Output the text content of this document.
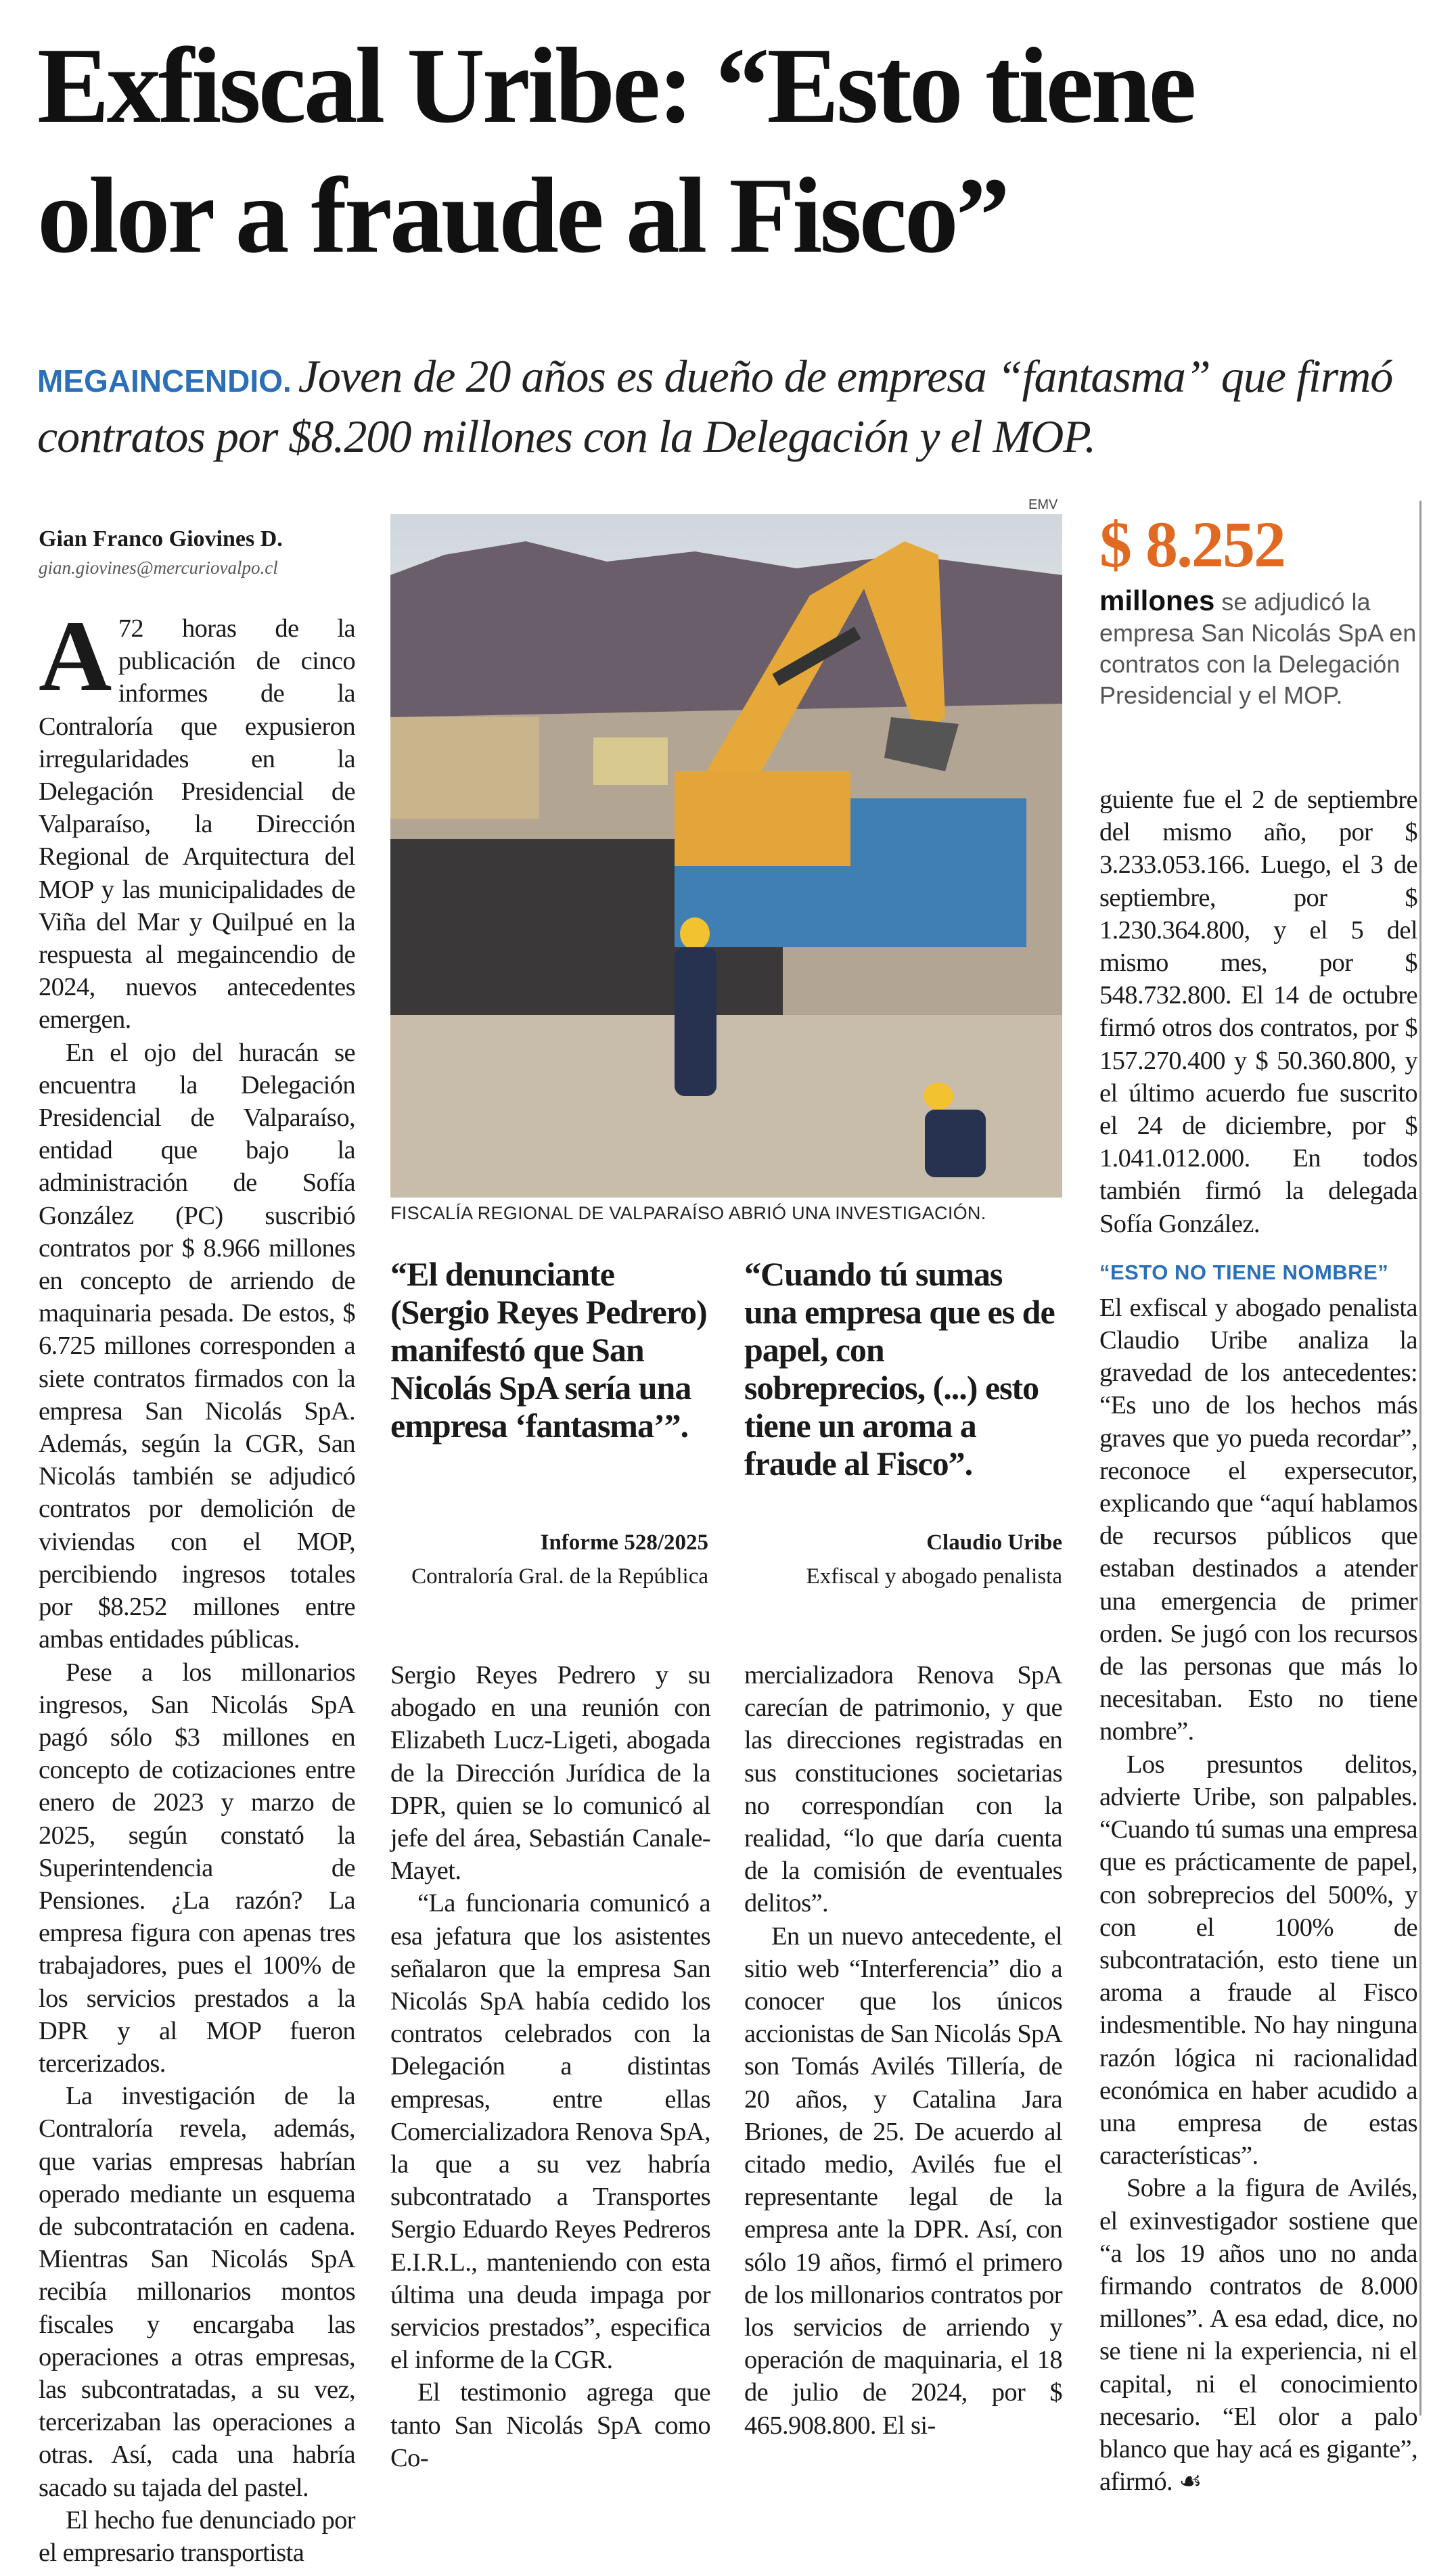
Exfiscal Uribe: “Esto tiene
olor a fraude al Fisco”
MEGAINCENDIO. Joven de 20 años es dueño de empresa “fantasma” que firmó contratos por $8.200 millones con la Delegación y el MOP.
Gian Franco Giovines D.
gian.giovines@mercuriovalpo.cl

A 72 horas de la publicación de cinco informes de la Contraloría que expusieron irregularidades en la Delegación Presidencial de Valparaíso, la Dirección Regional de Arquitectura del MOP y las municipalidades de Viña del Mar y Quilpué en la respuesta al megaincendio de 2024, nuevos antecedentes emergen.

En el ojo del huracán se encuentra la Delegación Presidencial de Valparaíso, entidad que bajo la administración de Sofía González (PC) suscribió contratos por $ 8.966 millones en concepto de arriendo de maquinaria pesada. De estos, $ 6.725 millones corresponden a siete contratos firmados con la empresa San Nicolás SpA. Además, según la CGR, San Nicolás también se adjudicó contratos por demolición de viviendas con el MOP, percibiendo ingresos totales por $8.252 millones entre ambas entidades públicas.

Pese a los millonarios ingresos, San Nicolás SpA pagó sólo $3 millones en concepto de cotizaciones entre enero de 2023 y marzo de 2025, según constató la Superintendencia de Pensiones. ¿La razón? La empresa figura con apenas tres trabajadores, pues el 100% de los servicios prestados a la DPR y al MOP fueron tercerizados.

La investigación de la Contraloría revela, además, que varias empresas habrían operado mediante un esquema de subcontratación en cadena. Mientras San Nicolás SpA recibía millonarios montos fiscales y encargaba las operaciones a otras empresas, las subcontratadas, a su vez, tercerizaban las operaciones a otras. Así, cada una habría sacado su tajada del pastel.

El hecho fue denunciado por el empresario transportista

EMV
FISCALÍA REGIONAL DE VALPARAÍSO ABRIÓ UNA INVESTIGACIÓN.
$ 8.252
millones se adjudicó la empresa San Nicolás SpA en contratos con la Delegación Presidencial y el MOP.
“El denunciante (Sergio Reyes Pedrero) manifestó que San Nicolás SpA sería una empresa ‘fantasma’”.
“Cuando tú sumas una empresa que es de papel, con sobreprecios, (...) esto tiene un aroma a fraude al Fisco”.
Informe 528/2025
Contraloría Gral. de la República
Claudio Uribe
Exfiscal y abogado penalista

Sergio Reyes Pedrero y su abogado en una reunión con Elizabeth Lucz-Ligeti, abogada de la Dirección Jurídica de la DPR, quien se lo comunicó al jefe del área, Sebastián Canale-Mayet.

“La funcionaria comunicó a esa jefatura que los asistentes señalaron que la empresa San Nicolás SpA había cedido los contratos celebrados con la Delegación a distintas empresas, entre ellas Comercializadora Renova SpA, la que a su vez habría subcontratado a Transportes Sergio Eduardo Reyes Pedreros E.I.R.L., manteniendo con esta última una deuda impaga por servicios prestados”, especifica el informe de la CGR.

El testimonio agrega que tanto San Nicolás SpA como Co-

mercializadora Renova SpA carecían de patrimonio, y que las direcciones registradas en sus constituciones societarias no correspondían con la realidad, “lo que daría cuenta de la comisión de eventuales delitos”.

En un nuevo antecedente, el sitio web “Interferencia” dio a conocer que los únicos accionistas de San Nicolás SpA son Tomás Avilés Tillería, de 20 años, y Catalina Jara Briones, de 25. De acuerdo al citado medio, Avilés fue el representante legal de la empresa ante la DPR. Así, con sólo 19 años, firmó el primero de los millonarios contratos por los servicios de arriendo y operación de maquinaria, el 18 de julio de 2024, por $ 465.908.800. El si-

guiente fue el 2 de septiembre del mismo año, por $ 3.233.053.166. Luego, el 3 de septiembre, por $ 1.230.364.800, y el 5 del mismo mes, por $ 548.732.800. El 14 de octubre firmó otros dos contratos, por $ 157.270.400 y $ 50.360.800, y el último acuerdo fue suscrito el 24 de diciembre, por $ 1.041.012.000. En todos también firmó la delegada Sofía González.

“ESTO NO TIENE NOMBRE”

El exfiscal y abogado penalista Claudio Uribe analiza la gravedad de los antecedentes: “Es uno de los hechos más graves que yo pueda recordar”, reconoce el expersecutor, explicando que “aquí hablamos de recursos públicos que estaban destinados a atender una emergencia de primer orden. Se jugó con los recursos de las personas que más lo necesitaban. Esto no tiene nombre”.

Los presuntos delitos, advierte Uribe, son palpables. “Cuando tú sumas una empresa que es prácticamente de papel, con sobreprecios del 500%, y con el 100% de subcontratación, esto tiene un aroma a fraude al Fisco indesmentible. No hay ninguna razón lógica ni racionalidad económica en haber acudido a una empresa de estas características”.

Sobre a la figura de Avilés, el exinvestigador sostiene que “a los 19 años uno no anda firmando contratos de 8.000 millones”. A esa edad, dice, no se tiene ni la experiencia, ni el capital, ni el conocimiento necesario. “El olor a palo blanco que hay acá es gigante”, afirmó. ☙
